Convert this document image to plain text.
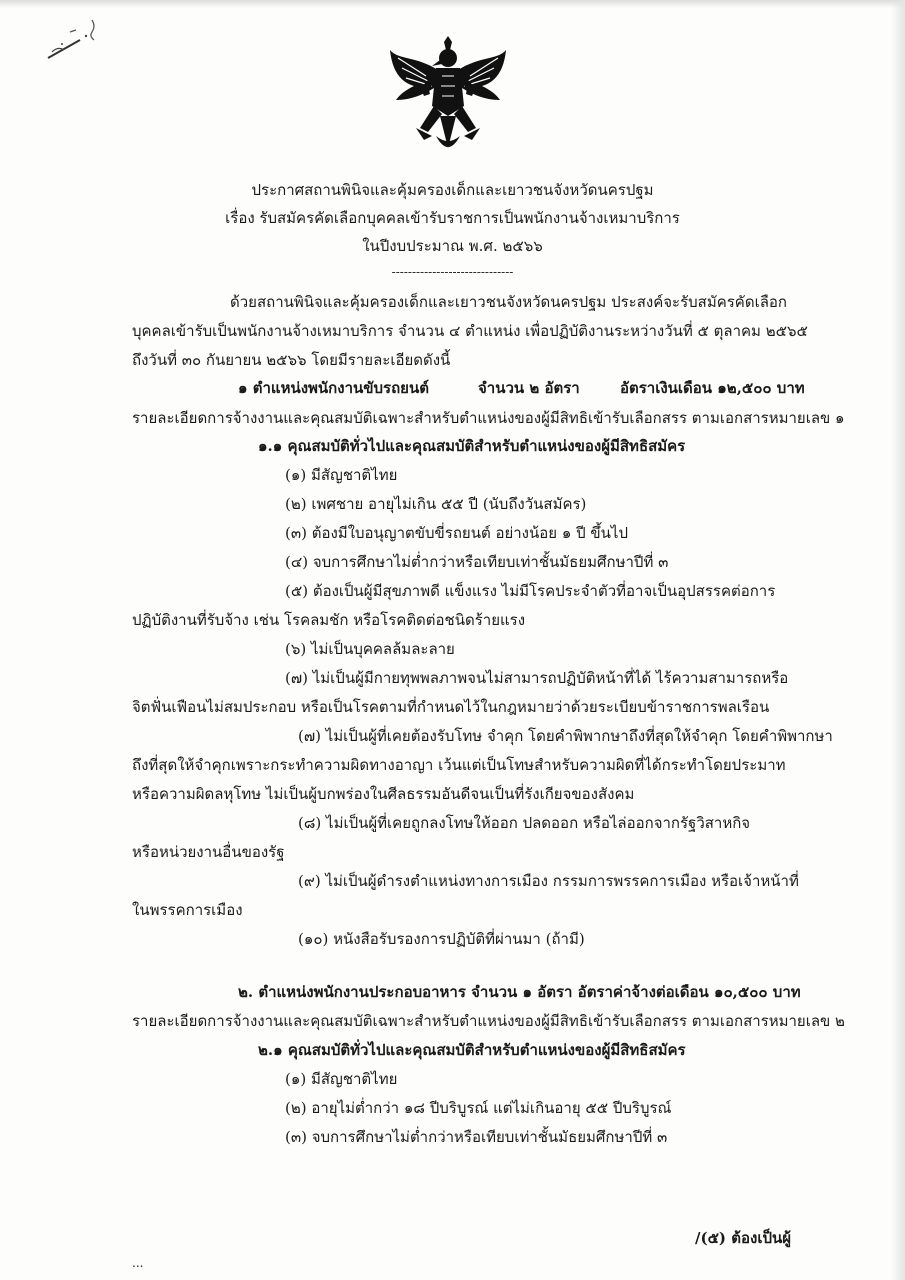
ประกาศสถานพินิจและคุ้มครองเด็กและเยาวชนจังหวัดนครปฐม
เรื่อง รับสมัครคัดเลือกบุคคลเข้ารับราชการเป็นพนักงานจ้างเหมาบริการ
ในปีงบประมาณ พ.ศ. ๒๕๖๖
------------------------------
ด้วยสถานพินิจและคุ้มครองเด็กและเยาวชนจังหวัดนครปฐม ประสงค์จะรับสมัครคัดเลือก
บุคคลเข้ารับเป็นพนักงานจ้างเหมาบริการ จำนวน ๔ ตำแหน่ง เพื่อปฏิบัติงานระหว่างวันที่ ๕ ตุลาคม ๒๕๖๕
ถึงวันที่ ๓๐ กันยายน ๒๕๖๖ โดยมีรายละเอียดดังนี้
๑ ตำแหน่งพนักงานขับรถยนต์	จำนวน ๒ อัตรา	อัตราเงินเดือน ๑๒,๕๐๐ บาท
รายละเอียดการจ้างงานและคุณสมบัติเฉพาะสำหรับตำแหน่งของผู้มีสิทธิเข้ารับเลือกสรร ตามเอกสารหมายเลข ๑
๑.๑ คุณสมบัติทั่วไปและคุณสมบัติสำหรับตำแหน่งของผู้มีสิทธิสมัคร
(๑) มีสัญชาติไทย
(๒) เพศชาย อายุไม่เกิน ๕๕ ปี (นับถึงวันสมัคร)
(๓) ต้องมีใบอนุญาตขับขี่รถยนต์ อย่างน้อย ๑ ปี ขึ้นไป
(๔) จบการศึกษาไม่ต่ำกว่าหรือเทียบเท่าชั้นมัธยมศึกษาปีที่ ๓
(๕) ต้องเป็นผู้มีสุขภาพดี แข็งแรง ไม่มีโรคประจำตัวที่อาจเป็นอุปสรรคต่อการ
ปฏิบัติงานที่รับจ้าง เช่น โรคลมชัก หรือโรคติดต่อชนิดร้ายแรง
(๖) ไม่เป็นบุคคลล้มละลาย
(๗) ไม่เป็นผู้มีกายทุพพลภาพจนไม่สามารถปฏิบัติหน้าที่ได้ ไร้ความสามารถหรือ
จิตฟั่นเฟือนไม่สมประกอบ หรือเป็นโรคตามที่กำหนดไว้ในกฎหมายว่าด้วยระเบียบข้าราชการพลเรือน
(๗) ไม่เป็นผู้ที่เคยต้องรับโทษ จำคุก โดยคำพิพากษาถึงที่สุดให้จำคุก โดยคำพิพากษา
ถึงที่สุดให้จำคุกเพราะกระทำความผิดทางอาญา เว้นแต่เป็นโทษสำหรับความผิดที่ได้กระทำโดยประมาท
หรือความผิดลหุโทษ ไม่เป็นผู้บกพร่องในศีลธรรมอันดีจนเป็นที่รังเกียจของสังคม
(๘) ไม่เป็นผู้ที่เคยถูกลงโทษให้ออก ปลดออก หรือไล่ออกจากรัฐวิสาหกิจ
หรือหน่วยงานอื่นของรัฐ
(๙) ไม่เป็นผู้ดำรงตำแหน่งทางการเมือง กรรมการพรรคการเมือง หรือเจ้าหน้าที่
ในพรรคการเมือง
(๑๐) หนังสือรับรองการปฏิบัติที่ผ่านมา (ถ้ามี)
๒. ตำแหน่งพนักงานประกอบอาหาร จำนวน ๑ อัตรา อัตราค่าจ้างต่อเดือน ๑๐,๕๐๐ บาท
รายละเอียดการจ้างงานและคุณสมบัติเฉพาะสำหรับตำแหน่งของผู้มีสิทธิเข้ารับเลือกสรร ตามเอกสารหมายเลข ๒
๒.๑ คุณสมบัติทั่วไปและคุณสมบัติสำหรับตำแหน่งของผู้มีสิทธิสมัคร
(๑) มีสัญชาติไทย
(๒) อายุไม่ต่ำกว่า ๑๘ ปีบริบูรณ์ แต่ไม่เกินอายุ ๕๕ ปีบริบูรณ์
(๓) จบการศึกษาไม่ต่ำกว่าหรือเทียบเท่าชั้นมัธยมศึกษาปีที่ ๓
/(๕) ต้องเป็นผู้
...
